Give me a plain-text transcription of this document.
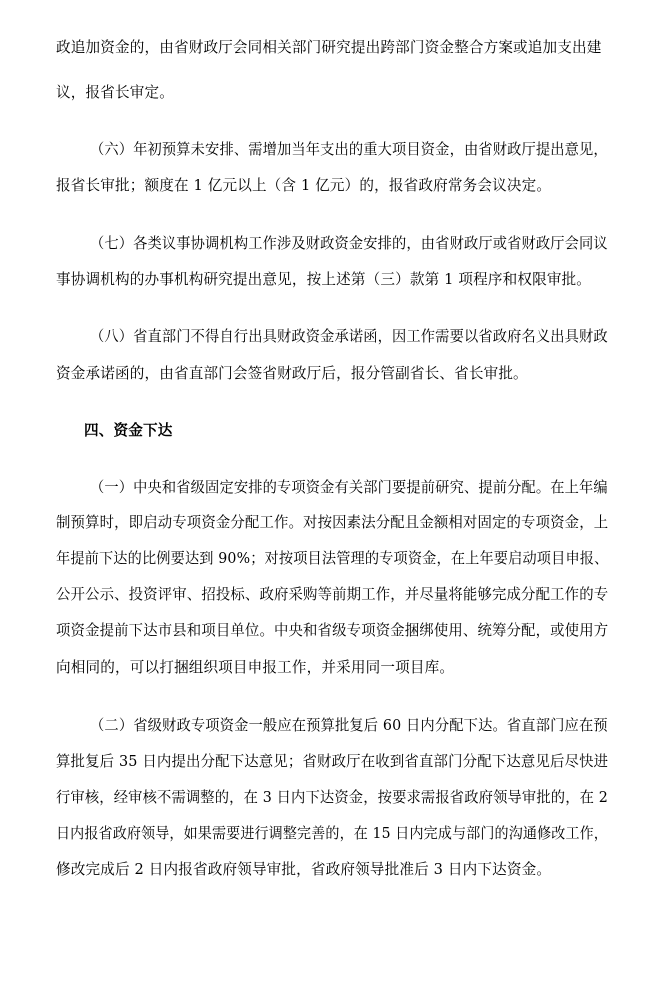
政追加资金的，由省财政厅会同相关部门研究提出跨部门资金整合方案或追加支出建
议，报省长审定。
（六）年初预算未安排、需增加当年支出的重大项目资金，由省财政厅提出意见，
报省长审批；额度在 1 亿元以上（含 1 亿元）的，报省政府常务会议决定。
（七）各类议事协调机构工作涉及财政资金安排的，由省财政厅或省财政厅会同议
事协调机构的办事机构研究提出意见，按上述第（三）款第 1 项程序和权限审批。
（八）省直部门不得自行出具财政资金承诺函，因工作需要以省政府名义出具财政
资金承诺函的，由省直部门会签省财政厅后，报分管副省长、省长审批。
四、资金下达
（一）中央和省级固定安排的专项资金有关部门要提前研究、提前分配。在上年编
制预算时，即启动专项资金分配工作。对按因素法分配且金额相对固定的专项资金，上
年提前下达的比例要达到 90%；对按项目法管理的专项资金，在上年要启动项目申报、
公开公示、投资评审、招投标、政府采购等前期工作，并尽量将能够完成分配工作的专
项资金提前下达市县和项目单位。中央和省级专项资金捆绑使用、统筹分配，或使用方
向相同的，可以打捆组织项目申报工作，并采用同一项目库。
（二）省级财政专项资金一般应在预算批复后 60 日内分配下达。省直部门应在预
算批复后 35 日内提出分配下达意见；省财政厅在收到省直部门分配下达意见后尽快进
行审核，经审核不需调整的，在 3 日内下达资金，按要求需报省政府领导审批的，在 2
日内报省政府领导，如果需要进行调整完善的，在 15 日内完成与部门的沟通修改工作，
修改完成后 2 日内报省政府领导审批，省政府领导批准后 3 日内下达资金。
